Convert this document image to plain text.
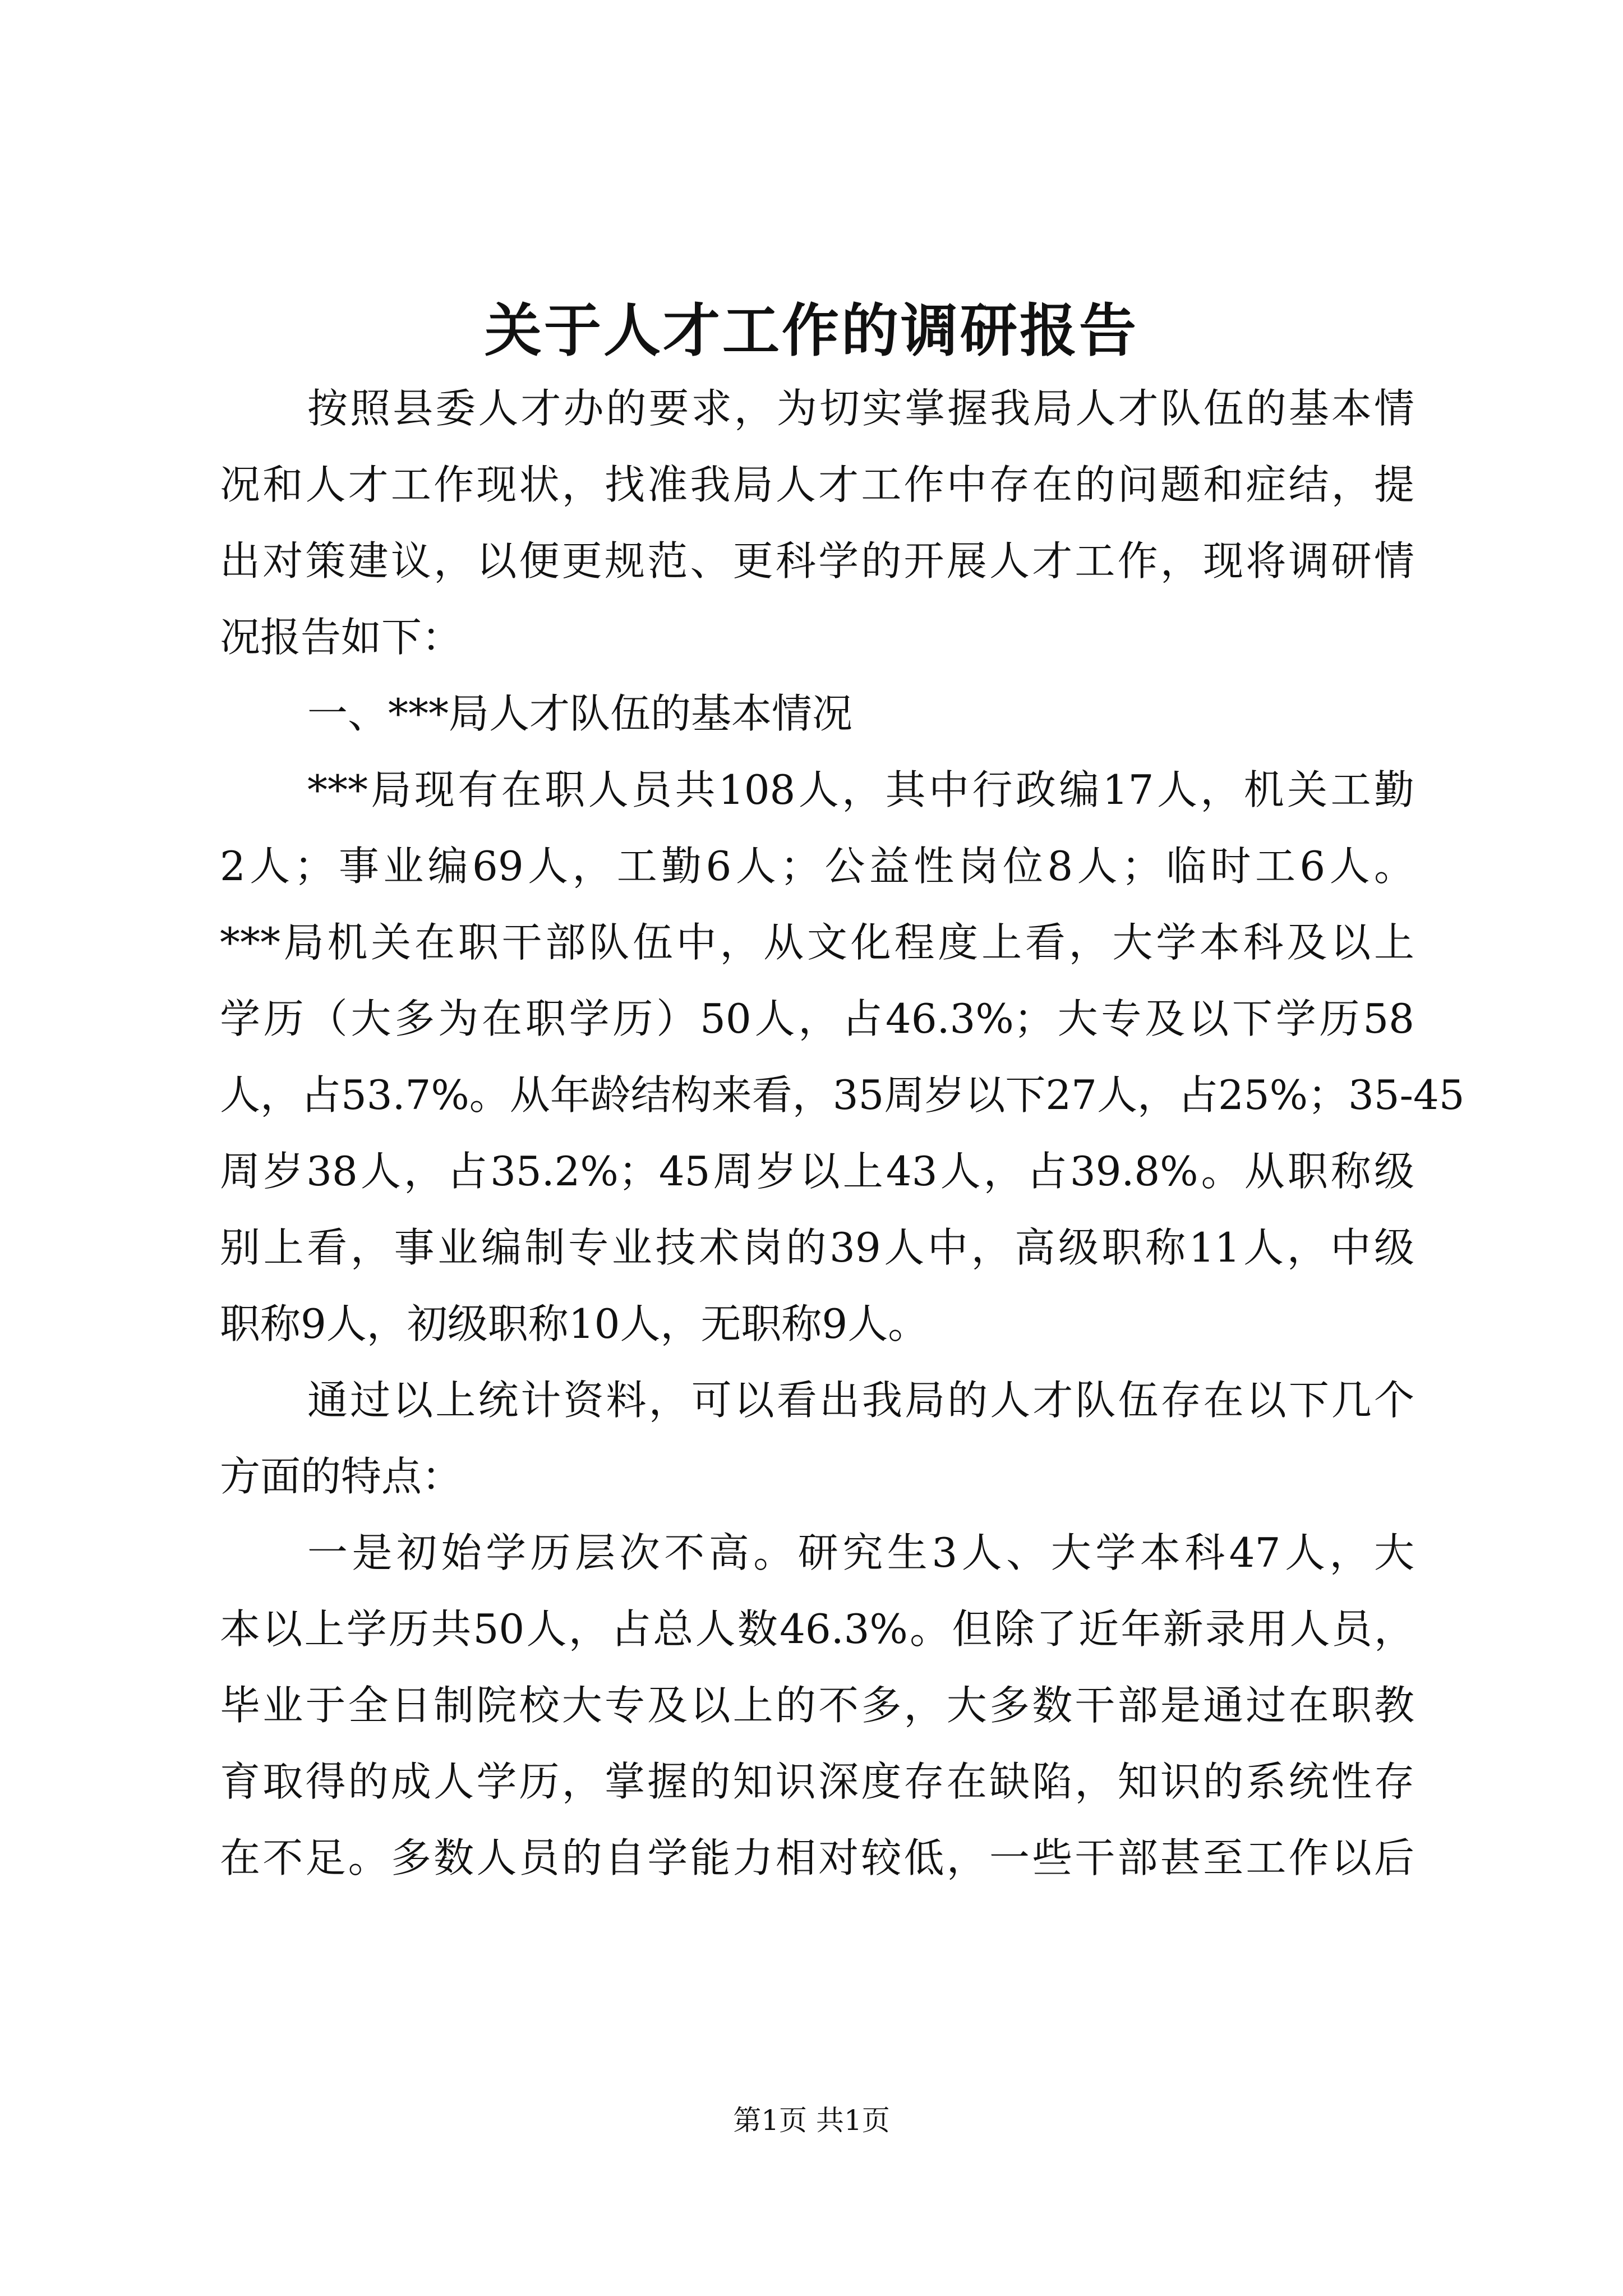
关于人才工作的调研报告
按照县委人才办的要求，为切实掌握我局人才队伍的基本情
况和人才工作现状，找准我局人才工作中存在的问题和症结，提
出对策建议，以便更规范、更科学的开展人才工作，现将调研情
况报告如下：
一、***局人才队伍的基本情况
***局现有在职人员共108人，其中行政编17人，机关工勤
2人；事业编69人，工勤6人；公益性岗位8人；临时工6人。
***局机关在职干部队伍中，从文化程度上看，大学本科及以上
学历（大多为在职学历）50人，占46.3%；大专及以下学历58
人，占53.7%。从年龄结构来看，35周岁以下27人，占25%；35-45
周岁38人，占35.2%；45周岁以上43人，占39.8%。从职称级
别上看，事业编制专业技术岗的39人中，高级职称11人，中级
职称9人，初级职称10人，无职称9人。
通过以上统计资料，可以看出我局的人才队伍存在以下几个
方面的特点：
一是初始学历层次不高。研究生3人、大学本科47人，大
本以上学历共50人，占总人数46.3%。但除了近年新录用人员，
毕业于全日制院校大专及以上的不多，大多数干部是通过在职教
育取得的成人学历，掌握的知识深度存在缺陷，知识的系统性存
在不足。多数人员的自学能力相对较低，一些干部甚至工作以后
第1页 共1页
